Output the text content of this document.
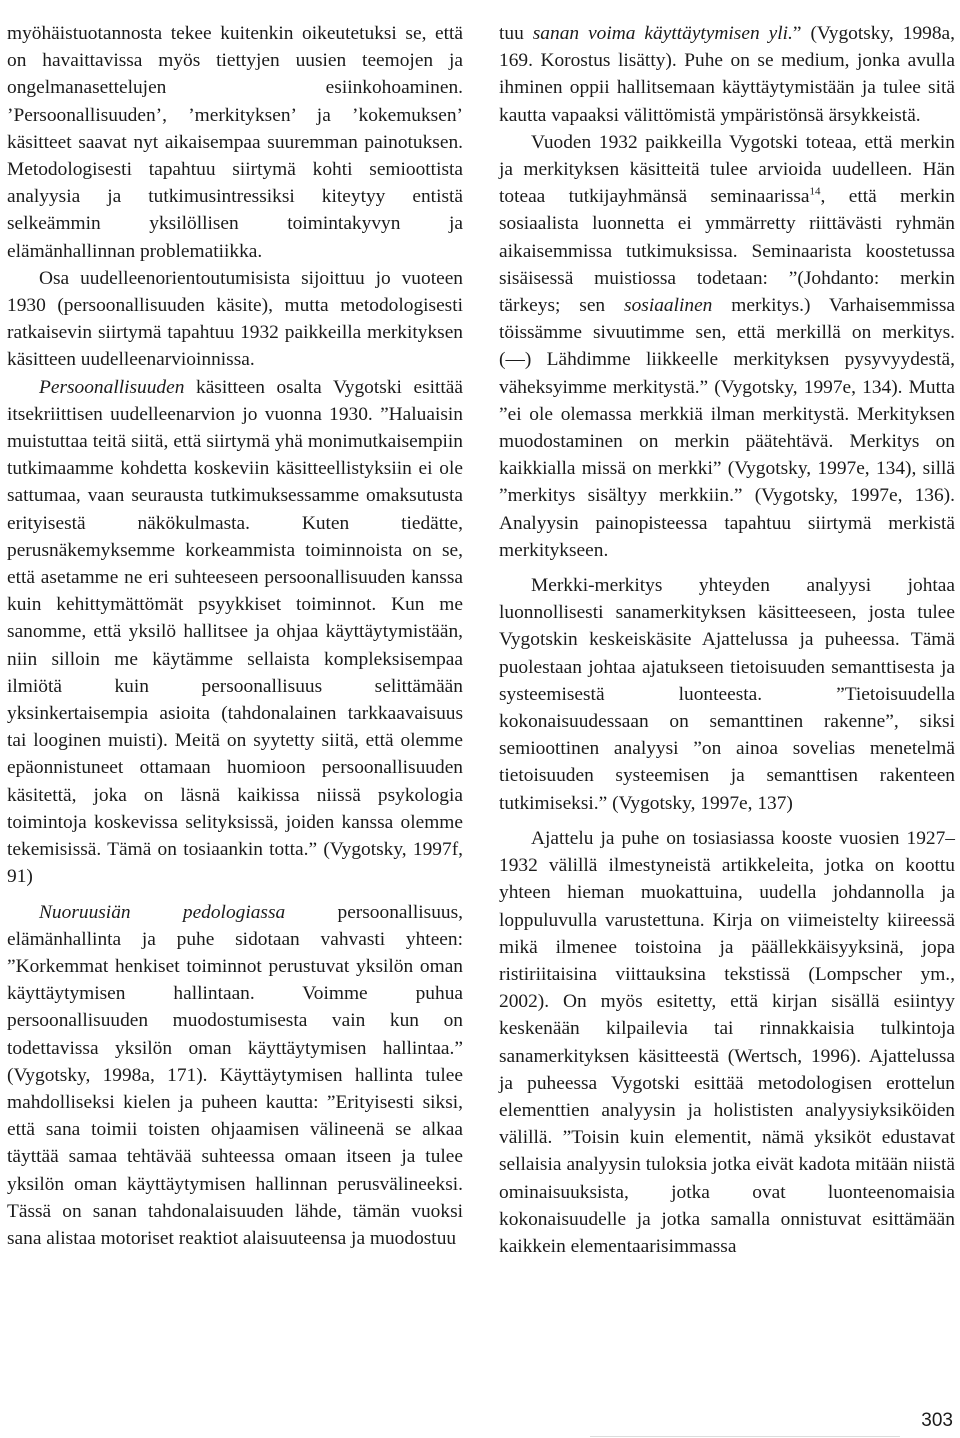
myöhäistuotannosta tekee kuitenkin oikeutetuksi se, että on havaittavissa myös tiettyjen uusien teemojen ja ongelmanasettelujen esiinkohoaminen. ’Persoonallisuuden’, ’merkityksen’ ja ’kokemuksen’ käsitteet saavat nyt aikaisempaa suuremman painotuksen. Metodologisesti tapahtuu siirtymä kohti semioottista analyysia ja tutkimusintressiksi kiteytyy entistä selkeämmin yksilöllisen toimintakyvyn ja elämänhallinnan problematiikka.

Osa uudelleenorientoutumisista sijoittuu jo vuoteen 1930 (persoonallisuuden käsite), mutta metodologisesti ratkaisevin siirtymä tapahtuu 1932 paikkeilla merkityksen käsitteen uudelleenarvioinnissa.

Persoonallisuuden käsitteen osalta Vygotski esittää itsekriittisen uudelleenarvion jo vuonna 1930. ”Haluaisin muistuttaa teitä siitä, että siirtymä yhä monimutkaisempiin tutkimaamme kohdetta koskeviin käsitteellistyksiin ei ole sattumaa, vaan seurausta tutkimuksessamme omaksutusta erityisestä näkökulmasta. Kuten tiedätte, perusnäkemyksemme korkeammista toiminnoista on se, että asetamme ne eri suhteeseen persoonallisuuden kanssa kuin kehittymättömät psyykkiset toiminnot. Kun me sanomme, että yksilö hallitsee ja ohjaa käyttäytymistään, niin silloin me käytämme sellaista kompleksisempaa ilmiötä kuin persoonallisuus selittämään yksinkertaisempia asioita (tahdonalainen tarkkaavaisuus tai looginen muisti). Meitä on syytetty siitä, että olemme epäonnistuneet ottamaan huomioon persoonallisuuden käsitettä, joka on läsnä kaikissa niissä psykologia toimintoja koskevissa selityksissä, joiden kanssa olemme tekemisissä. Tämä on tosiaankin totta.” (Vygotsky, 1997f, 91)

Nuoruusiän pedologiassa persoonallisuus, elämänhallinta ja puhe sidotaan vahvasti yhteen: ”Korkemmat henkiset toiminnot perustuvat yksilön oman käyttäytymisen hallintaan. Voimme puhua persoonallisuuden muodostumisesta vain kun on todettavissa yksilön oman käyttäytymisen hallintaa.” (Vygotsky, 1998a, 171). Käyttäytymisen hallinta tulee mahdolliseksi kielen ja puheen kautta: ”Erityisesti siksi, että sana toimii toisten ohjaamisen välineenä se alkaa täyttää samaa tehtävää suhteessa omaan itseen ja tulee yksilön oman käyttäytymisen hallinnan perusvälineeksi. Tässä on sanan tahdonalaisuuden lähde, tämän vuoksi sana alistaa motoriset reaktiot alaisuuteensa ja muodostuu

tuu sanan voima käyttäytymisen yli.” (Vygotsky, 1998a, 169. Korostus lisätty). Puhe on se medium, jonka avulla ihminen oppii hallitsemaan käyttäytymistään ja tulee sitä kautta vapaaksi välittömistä ympäristönsä ärsykkeistä.

Vuoden 1932 paikkeilla Vygotski toteaa, että merkin ja merkityksen käsitteitä tulee arvioida uudelleen. Hän toteaa tutkijayhmänsä seminaarissa$^{14}$, että merkin sosiaalista luonnetta ei ymmärretty riittävästi ryhmän aikaisemmissa tutkimuksissa. Seminaarista koostetussa sisäisessä muistiossa todetaan: ”(Johdanto: merkin tärkeys; sen sosiaalinen merkitys.) Varhaisemmissa töissämme sivuutimme sen, että merkillä on merkitys. (—) Lähdimme liikkeelle merkityksen pysyvyydestä, väheksyimme merkitystä.” (Vygotsky, 1997e, 134). Mutta ”ei ole olemassa merkkiä ilman merkitystä. Merkityksen muodostaminen on merkin päätehtävä. Merkitys on kaikkialla missä on merkki” (Vygotsky, 1997e, 134), sillä ”merkitys sisältyy merkkiin.” (Vygotsky, 1997e, 136). Analyysin painopisteessa tapahtuu siirtymä merkistä merkitykseen.

Merkki-merkitys yhteyden analyysi johtaa luonnollisesti sanamerkityksen käsitteeseen, josta tulee Vygotskin keskeiskäsite Ajattelussa ja puheessa. Tämä puolestaan johtaa ajatukseen tietoisuuden semanttisesta ja systeemisestä luonteesta. ”Tietoisuudella kokonaisuudessaan on semanttinen rakenne”, siksi semioottinen analyysi ”on ainoa sovelias menetelmä tietoisuuden systeemisen ja semanttisen rakenteen tutkimiseksi.” (Vygotsky, 1997e, 137)

Ajattelu ja puhe on tosiasiassa kooste vuosien 1927–1932 välillä ilmestyneistä artikkeleita, jotka on koottu yhteen hieman muokattuina, uudella johdannolla ja loppuluvulla varustettuna. Kirja on viimeistelty kiireessä mikä ilmenee toistoina ja päällekkäisyyksinä, jopa ristiriitaisina viittauksina tekstissä (Lompscher ym., 2002). On myös esitetty, että kirjan sisällä esiintyy keskenään kilpailevia tai rinnakkaisia tulkintoja sanamerkityksen käsitteestä (Wertsch, 1996). Ajattelussa ja puheessa Vygotski esittää metodologisen erottelun elementtien analyysin ja holististen analyysiyksiköiden välillä. ”Toisin kuin elementit, nämä yksiköt edustavat sellaisia analyysin tuloksia jotka eivät kadota mitään niistä ominaisuuksista, jotka ovat luonteenomaisia kokonaisuudelle ja jotka samalla onnistuvat esittämään kaikkein elementaarisimmassa

303
